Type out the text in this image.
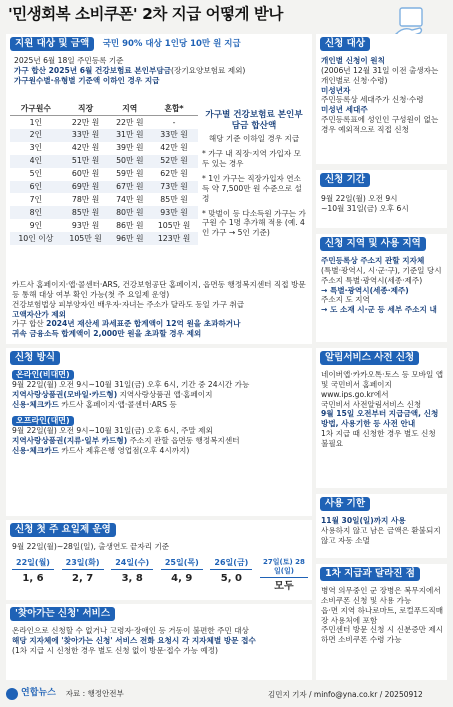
'민생회복 소비쿠폰' 2차 지급 어떻게 받나
지원 대상 및 금액 국민 90% 대상 1인당 10만 원 지급
2025년 6월 18일 주민등록 기준
가구 합산 2025년 6월 건강보험료 본인부담금(장기요양보험료 제외)
가구원수별·유형별 기준액 이하인 경우 지급
가구원수	직장	지역	혼합*
1인	22만 원	22만 원	-
2인	33만 원	31만 원	33만 원
3인	42만 원	39만 원	42만 원
4인	51만 원	50만 원	52만 원
5인	60만 원	59만 원	62만 원
6인	69만 원	67만 원	73만 원
7인	78만 원	74만 원	85만 원
8인	85만 원	80만 원	93만 원
9인	93만 원	86만 원	105만 원
10인 이상	105만 원	96만 원	123만 원
가구별 건강보험료 본인부담금 합산액
해당 기준 이하일 경우 지급
* 가구 내 직장·지역 가입자 모두 있는 경우
* 1인 가구는 직장가입자 연소득 약 7,500만 원 수준으로 설정
* 맞벌이 등 다소득원 가구는 가구원 수 1명 추가해 적용 (예. 4인 가구 → 5인 기준)
카드사 홈페이지·앱·콜센터·ARS, 건강보험공단 홈페이지, 읍면동 행정복지센터 직접 방문 등 통해 대상 여부 확인 가능(첫 주 요일제 운영)
건강보험법상 피부양자인 배우자·자녀는 주소가 달라도 동일 가구 취급
고액자산가 제외
가구 합산 2024년 재산세 과세표준 합계액이 12억 원을 초과하거나
귀속 금융소득 합계액이 2,000만 원을 초과할 경우 제외
신청 방식
온라인(비대면)
9월 22일(월) 오전 9시~10월 31일(금) 오후 6시, 기간 중 24시간 가능
지역사랑상품권(모바일·카드형) 지역사랑상품권 앱·홈페이지
신용·체크카드 카드사 홈페이지·앱·콜센터·ARS 등
오프라인(대면)
9월 22일(월) 오전 9시~10월 31일(금) 오후 6시, 주말 제외
지역사랑상품권(지류·일부 카드형) 주소지 관할 읍면동 행정복지센터
신용·체크카드 카드사 제휴은행 영업점(오후 4시까지)
신청 첫 주 요일제 운영
9월 22일(월)~28일(일), 출생연도 끝자리 기준
22일(월)
1, 6
23일(화)
2, 7
24일(수)
3, 8
25일(목)
4, 9
26일(금)
5, 0
27일(토) 28일(일)
모두
'찾아가는 신청' 서비스
온라인으로 신청할 수 없거나 고령자·장애인 등 거동이 불편한 주민 대상
해당 지자체에 '찾아가는 신청' 서비스 전화 요청시 각 지자체별 방문 접수
(1차 지급 시 신청한 경우 별도 신청 없이 방문·접수 가능 예정)
신청 대상
개인별 신청이 원칙
(2006년 12월 31일 이전 출생자는 개인별로 신청·수령)
미성년자
주민등록상 세대주가 신청·수령
미성년 세대주
주민등록표에 성인인 구성원이 없는 경우 예외적으로 직접 신청
신청 기간
9월 22일(월) 오전 9시
~10월 31일(금) 오후 6시
신청 지역 및 사용 지역
주민등록상 주소지 관할 지자체
(특별·광역시, 시·군·구), 기준일 당시
주소지 특별·광역시(세종·제주)
→ 특별·광역시(세종·제주)
주소지 도 지역
→ 도 소재 시·군 등 세부 주소지 내
알림서비스 사전 신청
네이버앱·카카오톡·토스 등 모바일 앱 및 국민비서 홈페이지 www.ips.go.kr에서
국민비서 사전알림서비스 신청
9월 15일 오전부터 지급금액, 신청방법, 사용기한 등 사전 안내
1차 지급 때 신청한 경우 별도 신청 불필요
사용 기한
11월 30일(일)까지 사용
사용하지 않고 남은 금액은 환불되지 않고 자동 소멸
1차 지급과 달라진 점
병역 의무중인 군 장병은 복무지에서 소비쿠폰 신청 및 사용 가능
읍·면 지역 하나로마트, 로컬푸드직매장 사용처에 포함
주민센터 방문 신청 시 신분증만 제시하면 소비쿠폰 수령 가능
연합뉴스 자료 : 행정안전부	김민지 기자 / minfo@yna.co.kr / 20250912
